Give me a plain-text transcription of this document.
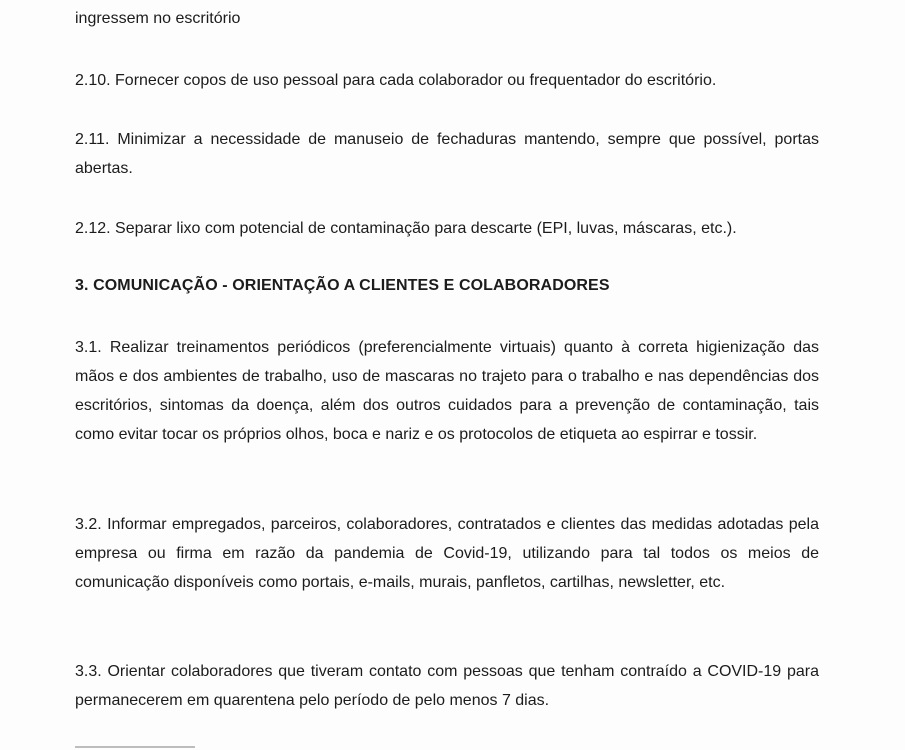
ingressem no escritório

2.10. Fornecer copos de uso pessoal para cada colaborador ou frequentador do escritório.

2.11. Minimizar a necessidade de manuseio de fechaduras mantendo, sempre que possível, portas abertas.

2.12. Separar lixo com potencial de contaminação para descarte (EPI, luvas, máscaras, etc.).

3. COMUNICAÇÃO - ORIENTAÇÃO A CLIENTES E COLABORADORES

3.1. Realizar treinamentos periódicos (preferencialmente virtuais) quanto à correta higienização das mãos e dos ambientes de trabalho, uso de mascaras no trajeto para o trabalho e nas dependências dos escritórios, sintomas da doença, além dos outros cuidados para a prevenção de contaminação, tais como evitar tocar os próprios olhos, boca e nariz e os protocolos de etiqueta ao espirrar e tossir.

3.2. Informar empregados, parceiros, colaboradores, contratados e clientes das medidas adotadas pela empresa ou firma em razão da pandemia de Covid-19, utilizando para tal todos os meios de comunicação disponíveis como portais, e-mails, murais, panfletos, cartilhas, newsletter, etc.

3.3. Orientar colaboradores que tiveram contato com pessoas que tenham contraído a COVID-19 para permanecerem em quarentena pelo período de pelo menos 7 dias.
